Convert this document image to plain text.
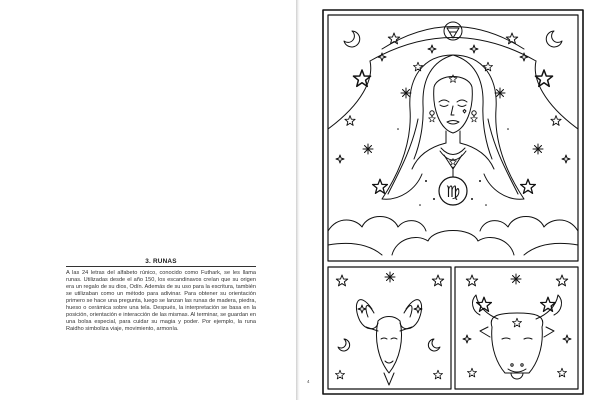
3. RUNAS
A las 24 letras del alfabeto rúnico, conocido como Futhark, se les llama runas. Utilizadas desde el año 150, los escandinavos creían que su origen era un regalo de su dios, Odín. Además de su uso para la escritura, también se utilizaban como un método para adivinar. Para obtener su orientación primero se hace una pregunta, luego se lanzan las runas de madera, piedra, hueso o cerámica sobre una tela. Después, la interpretación se basa en la posición, orientación e interacción de las mismas. Al terminar, se guardan en una bolsa especial, para cuidar su magia y poder. Por ejemplo, la runa Raidho simboliza viaje, movimiento, armonía.
4
♍
